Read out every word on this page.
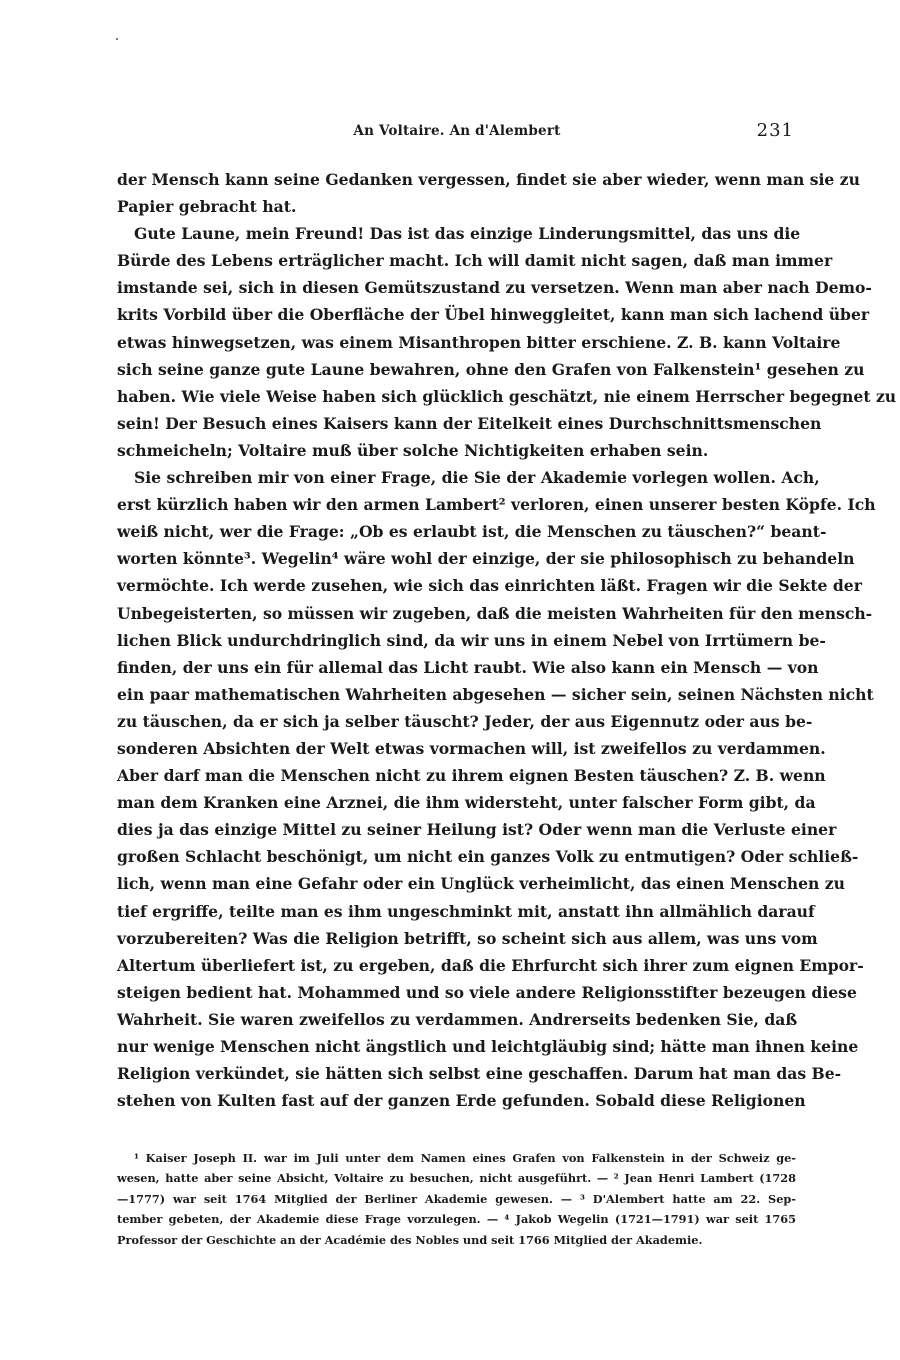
An Voltaire. An d'Alembert	231

der Mensch kann seine Gedanken vergessen, findet sie aber wieder, wenn man sie zu

Papier gebracht hat.

Gute Laune, mein Freund! Das ist das einzige Linderungsmittel, das uns die

Bürde des Lebens erträglicher macht. Ich will damit nicht sagen, daß man immer

imstande sei, sich in diesen Gemütszustand zu versetzen. Wenn man aber nach Demo-

krits Vorbild über die Oberfläche der Übel hinweggleitet, kann man sich lachend über

etwas hinwegsetzen, was einem Misanthropen bitter erschiene. Z. B. kann Voltaire

sich seine ganze gute Laune bewahren, ohne den Grafen von Falkenstein¹ gesehen zu

haben. Wie viele Weise haben sich glücklich geschätzt, nie einem Herrscher begegnet zu

sein! Der Besuch eines Kaisers kann der Eitelkeit eines Durchschnittsmenschen

schmeicheln; Voltaire muß über solche Nichtigkeiten erhaben sein.

Sie schreiben mir von einer Frage, die Sie der Akademie vorlegen wollen. Ach,

erst kürzlich haben wir den armen Lambert² verloren, einen unserer besten Köpfe. Ich

weiß nicht, wer die Frage: „Ob es erlaubt ist, die Menschen zu täuschen?“ beant-

worten könnte³. Wegelin⁴ wäre wohl der einzige, der sie philosophisch zu behandeln

vermöchte. Ich werde zusehen, wie sich das einrichten läßt. Fragen wir die Sekte der

Unbegeisterten, so müssen wir zugeben, daß die meisten Wahrheiten für den mensch-

lichen Blick undurchdringlich sind, da wir uns in einem Nebel von Irrtümern be-

finden, der uns ein für allemal das Licht raubt. Wie also kann ein Mensch — von

ein paar mathematischen Wahrheiten abgesehen — sicher sein, seinen Nächsten nicht

zu täuschen, da er sich ja selber täuscht? Jeder, der aus Eigennutz oder aus be-

sonderen Absichten der Welt etwas vormachen will, ist zweifellos zu verdammen.

Aber darf man die Menschen nicht zu ihrem eignen Besten täuschen? Z. B. wenn

man dem Kranken eine Arznei, die ihm widersteht, unter falscher Form gibt, da

dies ja das einzige Mittel zu seiner Heilung ist? Oder wenn man die Verluste einer

großen Schlacht beschönigt, um nicht ein ganzes Volk zu entmutigen? Oder schließ-

lich, wenn man eine Gefahr oder ein Unglück verheimlicht, das einen Menschen zu

tief ergriffe, teilte man es ihm ungeschminkt mit, anstatt ihn allmählich darauf

vorzubereiten? Was die Religion betrifft, so scheint sich aus allem, was uns vom

Altertum überliefert ist, zu ergeben, daß die Ehrfurcht sich ihrer zum eignen Empor-

steigen bedient hat. Mohammed und so viele andere Religionsstifter bezeugen diese

Wahrheit. Sie waren zweifellos zu verdammen. Andrerseits bedenken Sie, daß

nur wenige Menschen nicht ängstlich und leichtgläubig sind; hätte man ihnen keine

Religion verkündet, sie hätten sich selbst eine geschaffen. Darum hat man das Be-

stehen von Kulten fast auf der ganzen Erde gefunden. Sobald diese Religionen

¹ Kaiser Joseph II. war im Juli unter dem Namen eines Grafen von Falkenstein in der Schweiz ge-

wesen, hatte aber seine Absicht, Voltaire zu besuchen, nicht ausgeführt. — ² Jean Henri Lambert (1728

—1777) war seit 1764 Mitglied der Berliner Akademie gewesen. — ³ D'Alembert hatte am 22. Sep-

tember gebeten, der Akademie diese Frage vorzulegen. — ⁴ Jakob Wegelin (1721—1791) war seit 1765

Professor der Geschichte an der Académie des Nobles und seit 1766 Mitglied der Akademie.
